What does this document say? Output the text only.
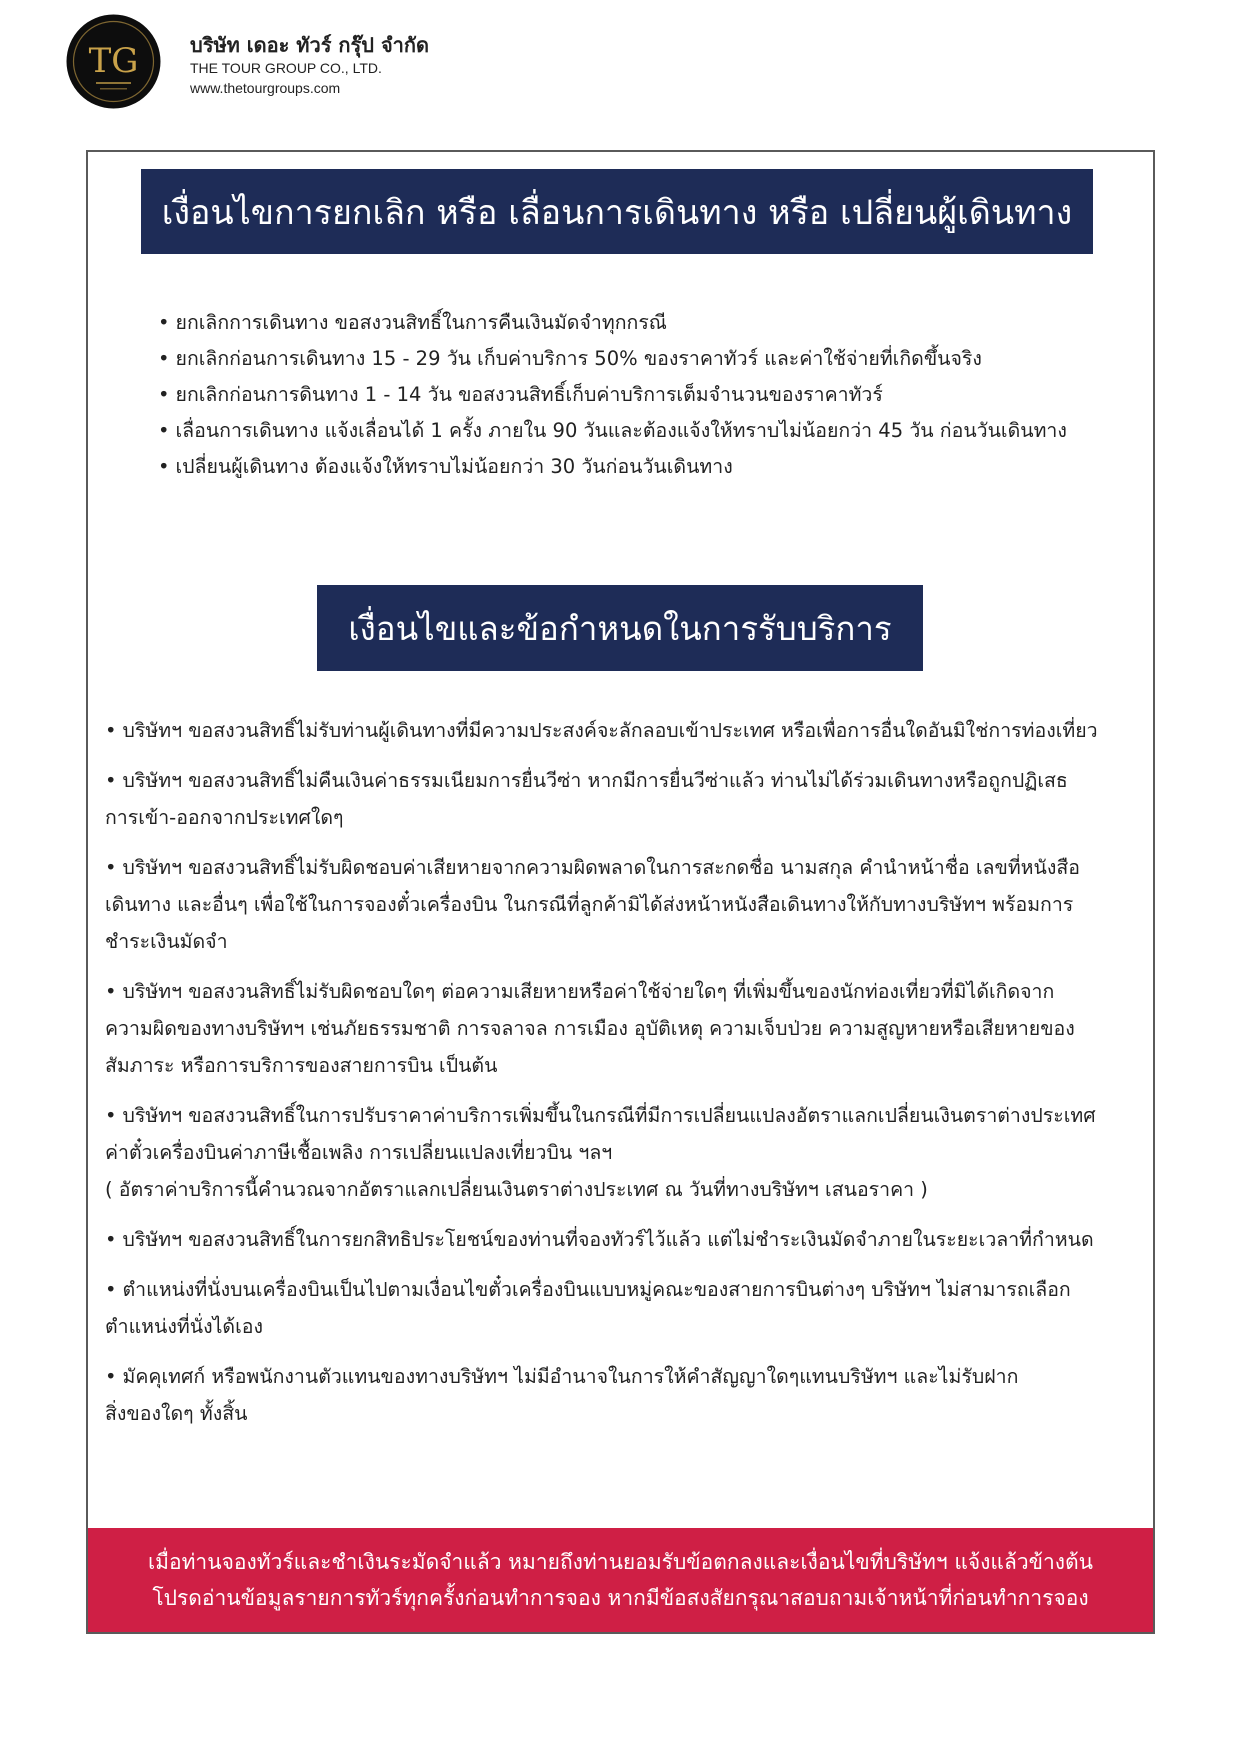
TG	บริษัท เดอะ ทัวร์ กรุ๊ป จำกัด
THE TOUR GROUP CO., LTD.
www.thetourgroups.com
เงื่อนไขการยกเลิก หรือ เลื่อนการเดินทาง หรือ เปลี่ยนผู้เดินทาง
• ยกเลิกการเดินทาง ขอสงวนสิทธิ์ในการคืนเงินมัดจำทุกกรณี
• ยกเลิกก่อนการเดินทาง 15 - 29 วัน เก็บค่าบริการ 50% ของราคาทัวร์ และค่าใช้จ่ายที่เกิดขึ้นจริง
• ยกเลิกก่อนการดินทาง 1 - 14 วัน ขอสงวนสิทธิ์เก็บค่าบริการเต็มจำนวนของราคาทัวร์
• เลื่อนการเดินทาง แจ้งเลื่อนได้ 1 ครั้ง ภายใน 90 วันและต้องแจ้งให้ทราบไม่น้อยกว่า 45 วัน ก่อนวันเดินทาง
• เปลี่ยนผู้เดินทาง ต้องแจ้งให้ทราบไม่น้อยกว่า 30 วันก่อนวันเดินทาง
เงื่อนไขและข้อกำหนดในการรับบริการ
• บริษัทฯ ขอสงวนสิทธิ์ไม่รับท่านผู้เดินทางที่มีความประสงค์จะลักลอบเข้าประเทศ หรือเพื่อการอื่นใดอันมิใช่การท่องเที่ยว
• บริษัทฯ ขอสงวนสิทธิ์ไม่คืนเงินค่าธรรมเนียมการยื่นวีซ่า หากมีการยื่นวีซ่าแล้ว ท่านไม่ได้ร่วมเดินทางหรือถูกปฏิเสธ
การเข้า-ออกจากประเทศใดๆ
• บริษัทฯ ขอสงวนสิทธิ์ไม่รับผิดชอบค่าเสียหายจากความผิดพลาดในการสะกดชื่อ นามสกุล คำนำหน้าชื่อ เลขที่หนังสือ
เดินทาง และอื่นๆ เพื่อใช้ในการจองตั๋วเครื่องบิน ในกรณีที่ลูกค้ามิได้ส่งหน้าหนังสือเดินทางให้กับทางบริษัทฯ พร้อมการ
ชำระเงินมัดจำ
• บริษัทฯ ขอสงวนสิทธิ์ไม่รับผิดชอบใดๆ ต่อความเสียหายหรือค่าใช้จ่ายใดๆ ที่เพิ่มขึ้นของนักท่องเที่ยวที่มิได้เกิดจาก
ความผิดของทางบริษัทฯ เช่นภัยธรรมชาติ การจลาจล การเมือง อุบัติเหตุ ความเจ็บป่วย ความสูญหายหรือเสียหายของ
สัมภาระ หรือการบริการของสายการบิน เป็นต้น
• บริษัทฯ ขอสงวนสิทธิ์ในการปรับราคาค่าบริการเพิ่มขึ้นในกรณีที่มีการเปลี่ยนแปลงอัตราแลกเปลี่ยนเงินตราต่างประเทศ
ค่าตั๋วเครื่องบินค่าภาษีเชื้อเพลิง การเปลี่ยนแปลงเที่ยวบิน ฯลฯ
( อัตราค่าบริการนี้คำนวณจากอัตราแลกเปลี่ยนเงินตราต่างประเทศ ณ วันที่ทางบริษัทฯ เสนอราคา )
• บริษัทฯ ขอสงวนสิทธิ์ในการยกสิทธิประโยชน์ของท่านที่จองทัวร์ไว้แล้ว แต่ไม่ชำระเงินมัดจำภายในระยะเวลาที่กำหนด
• ตำแหน่งที่นั่งบนเครื่องบินเป็นไปตามเงื่อนไขตั๋วเครื่องบินแบบหมู่คณะของสายการบินต่างๆ บริษัทฯ ไม่สามารถเลือก
ตำแหน่งที่นั่งได้เอง
• มัคคุเทศก์ หรือพนักงานตัวแทนของทางบริษัทฯ ไม่มีอำนาจในการให้คำสัญญาใดๆแทนบริษัทฯ และไม่รับฝาก
สิ่งของใดๆ ทั้งสิ้น
เมื่อท่านจองทัวร์และชำเงินระมัดจำแล้ว หมายถึงท่านยอมรับข้อตกลงและเงื่อนไขที่บริษัทฯ แจ้งแล้วข้างต้น
โปรดอ่านข้อมูลรายการทัวร์ทุกครั้งก่อนทำการจอง หากมีข้อสงสัยกรุณาสอบถามเจ้าหน้าที่ก่อนทำการจอง
